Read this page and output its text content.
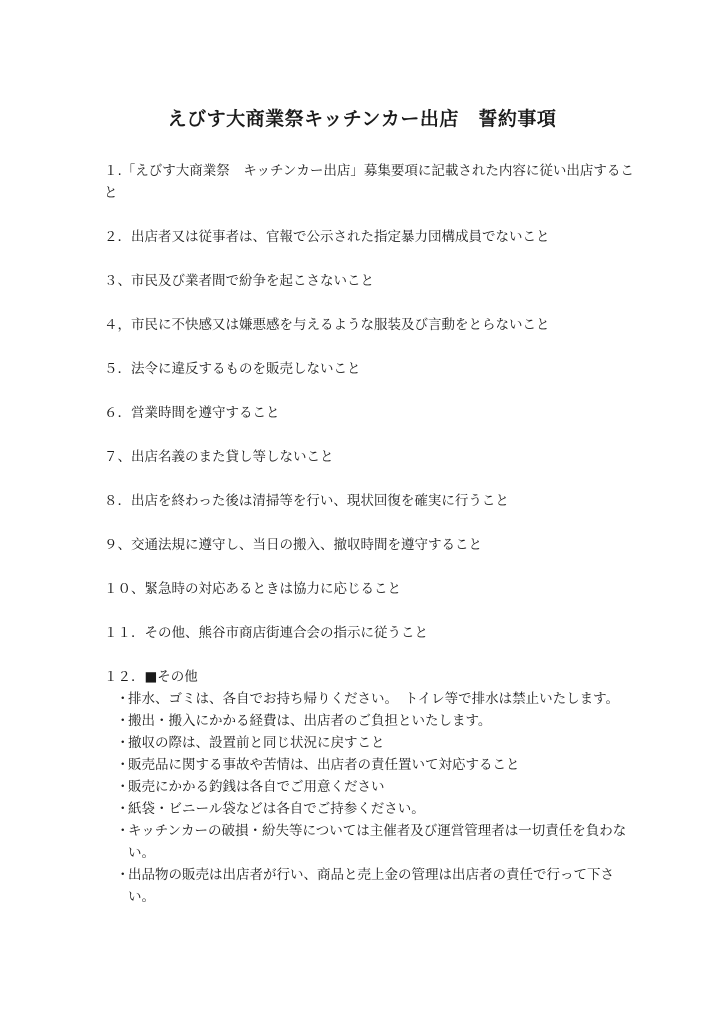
えびす大商業祭キッチンカー出店　誓約事項
１.「えびす大商業祭　キッチンカー出店」募集要項に記載された内容に従い出店すること
２．出店者又は従事者は、官報で公示された指定暴力団構成員でないこと
３、市民及び業者間で紛争を起こさないこと
４，市民に不快感又は嫌悪感を与えるような服装及び言動をとらないこと
５．法令に違反するものを販売しないこと
６．営業時間を遵守すること
７、出店名義のまた貸し等しないこと
８．出店を終わった後は清掃等を行い、現状回復を確実に行うこと
９、交通法規に遵守し、当日の搬入、撤収時間を遵守すること
１０、緊急時の対応あるときは協力に応じること
１１．その他、熊谷市商店街連合会の指示に従うこと
１２．■その他
・
排水、ゴミは、各自でお持ち帰りください。　トイレ等で排水は禁止いたします。
・
搬出・搬入にかかる経費は、出店者のご負担といたします。
・
撤収の際は、設置前と同じ状況に戻すこと
・
販売品に関する事故や苦情は、出店者の責任置いて対応すること
・
販売にかかる釣銭は各自でご用意ください
・
紙袋・ビニール袋などは各自でご持参ください。
・
キッチンカーの破損・紛失等については主催者及び運営管理者は一切責任を負わない。
・
出品物の販売は出店者が行い、商品と売上金の管理は出店者の責任で行って下さい。
